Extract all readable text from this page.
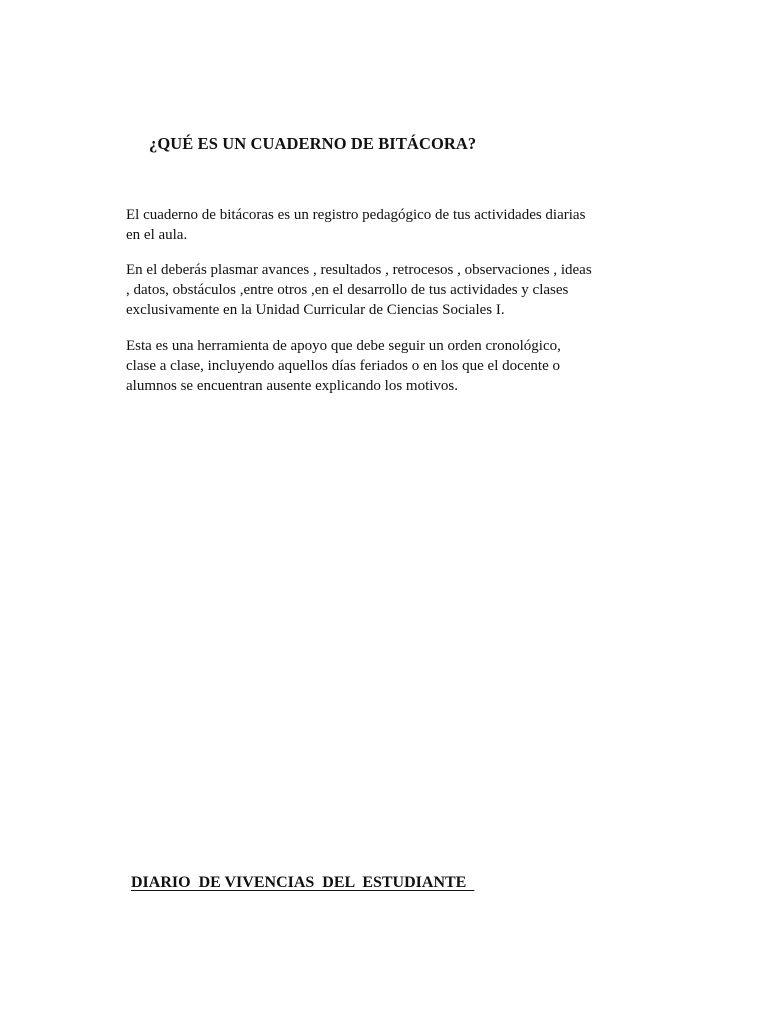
¿QUÉ ES UN CUADERNO DE BITÁCORA?

El cuaderno de bitácoras es un registro pedagógico de tus actividades diarias
en el aula.

En el deberás plasmar avances , resultados , retrocesos , observaciones , ideas
, datos, obstáculos ,entre otros ,en el desarrollo de tus actividades y clases
exclusivamente en la Unidad Curricular de Ciencias Sociales I.

Esta es una herramienta de apoyo que debe seguir un orden cronológico,
clase a clase, incluyendo aquellos días feriados o en los que el docente o
alumnos se encuentran ausente explicando los motivos.

DIARIO  DE VIVENCIAS  DEL  ESTUDIANTE
